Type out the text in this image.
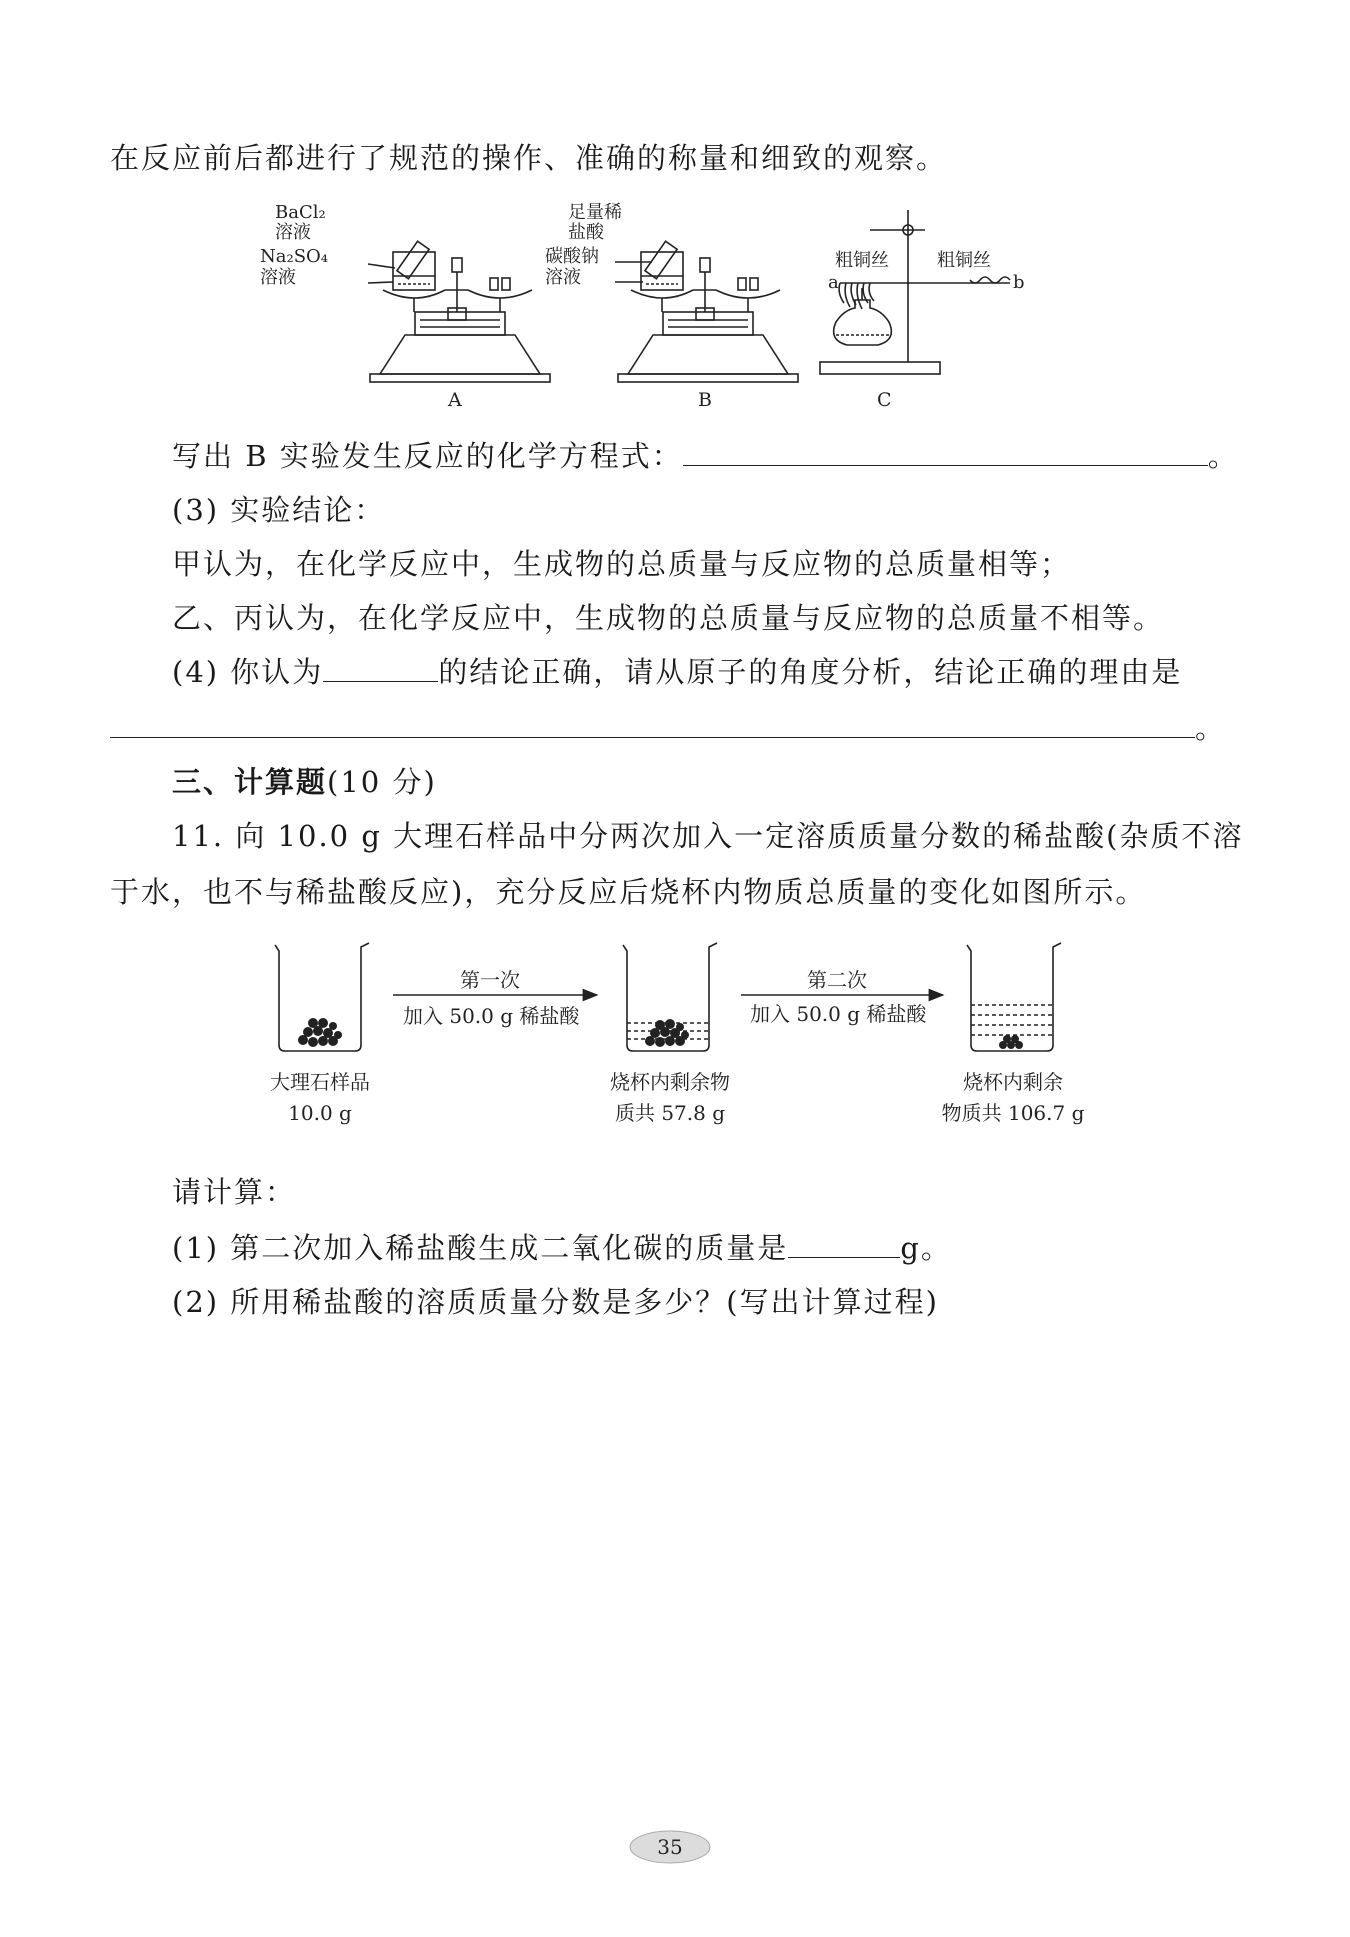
在反应前后都进行了规范的操作、准确的称量和细致的观察。
BaCl₂
溶液
Na₂SO₄
溶液
A
足量稀
盐酸
碳酸钠
溶液
B
粗铜丝	粗铜丝
a	b
C
写出 B 实验发生反应的化学方程式：	。
(3) 实验结论：
甲认为，在化学反应中，生成物的总质量与反应物的总质量相等；
乙、丙认为，在化学反应中，生成物的总质量与反应物的总质量不相等。
(4) 你认为	的结论正确，请从原子的角度分析，结论正确的理由是
。
三、计算题(10 分)
11. 向 10.0 g 大理石样品中分两次加入一定溶质质量分数的稀盐酸(杂质不溶
于水，也不与稀盐酸反应)，充分反应后烧杯内物质总质量的变化如图所示。
第一次
加入 50.0 g 稀盐酸
第二次
加入 50.0 g 稀盐酸
大理石样品
10.0 g
烧杯内剩余物
质共 57.8 g
烧杯内剩余
物质共 106.7 g
请计算：
(1) 第二次加入稀盐酸生成二氧化碳的质量是	g。
(2) 所用稀盐酸的溶质质量分数是多少？(写出计算过程)
35
